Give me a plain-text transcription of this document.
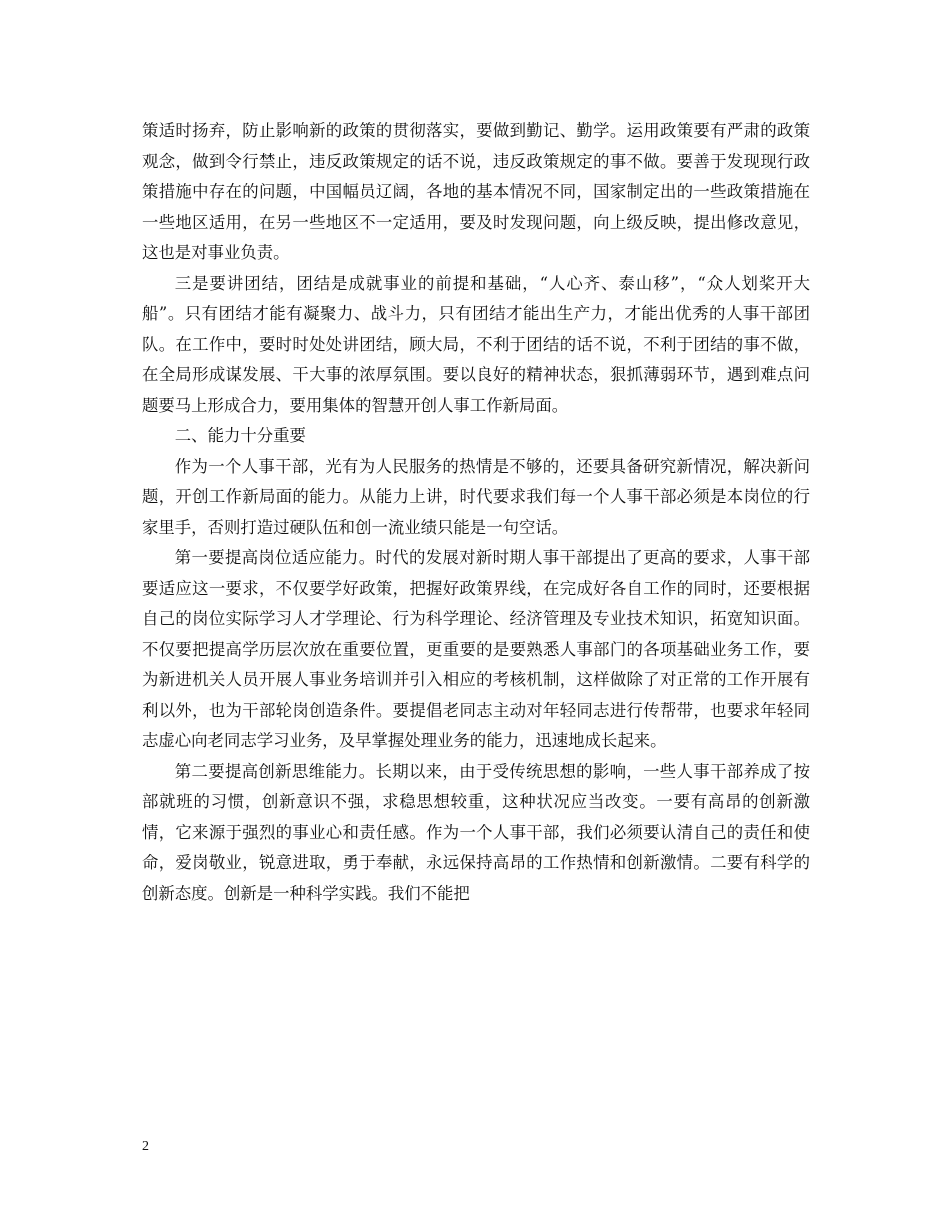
策适时扬弃，防止影响新的政策的贯彻落实，要做到勤记、勤学。运用政策要有严肃的政策观念，做到令行禁止，违反政策规定的话不说，违反政策规定的事不做。要善于发现现行政策措施中存在的问题，中国幅员辽阔，各地的基本情况不同，国家制定出的一些政策措施在一些地区适用，在另一些地区不一定适用，要及时发现问题，向上级反映，提出修改意见，这也是对事业负责。

三是要讲团结，团结是成就事业的前提和基础，“人心齐、泰山移”，“众人划桨开大船”。只有团结才能有凝聚力、战斗力，只有团结才能出生产力，才能出优秀的人事干部团队。在工作中，要时时处处讲团结，顾大局，不利于团结的话不说，不利于团结的事不做，在全局形成谋发展、干大事的浓厚氛围。要以良好的精神状态，狠抓薄弱环节，遇到难点问题要马上形成合力，要用集体的智慧开创人事工作新局面。

二、能力十分重要

作为一个人事干部，光有为人民服务的热情是不够的，还要具备研究新情况，解决新问题，开创工作新局面的能力。从能力上讲，时代要求我们每一个人事干部必须是本岗位的行家里手，否则打造过硬队伍和创一流业绩只能是一句空话。

第一要提高岗位适应能力。时代的发展对新时期人事干部提出了更高的要求，人事干部要适应这一要求，不仅要学好政策，把握好政策界线，在完成好各自工作的同时，还要根据自己的岗位实际学习人才学理论、行为科学理论、经济管理及专业技术知识，拓宽知识面。不仅要把提高学历层次放在重要位置，更重要的是要熟悉人事部门的各项基础业务工作，要为新进机关人员开展人事业务培训并引入相应的考核机制，这样做除了对正常的工作开展有利以外，也为干部轮岗创造条件。要提倡老同志主动对年轻同志进行传帮带，也要求年轻同志虚心向老同志学习业务，及早掌握处理业务的能力，迅速地成长起来。

第二要提高创新思维能力。长期以来，由于受传统思想的影响，一些人事干部养成了按部就班的习惯，创新意识不强，求稳思想较重，这种状况应当改变。一要有高昂的创新激情，它来源于强烈的事业心和责任感。作为一个人事干部，我们必须要认清自己的责任和使命，爱岗敬业，锐意进取，勇于奉献，永远保持高昂的工作热情和创新激情。二要有科学的创新态度。创新是一种科学实践。我们不能把

2
